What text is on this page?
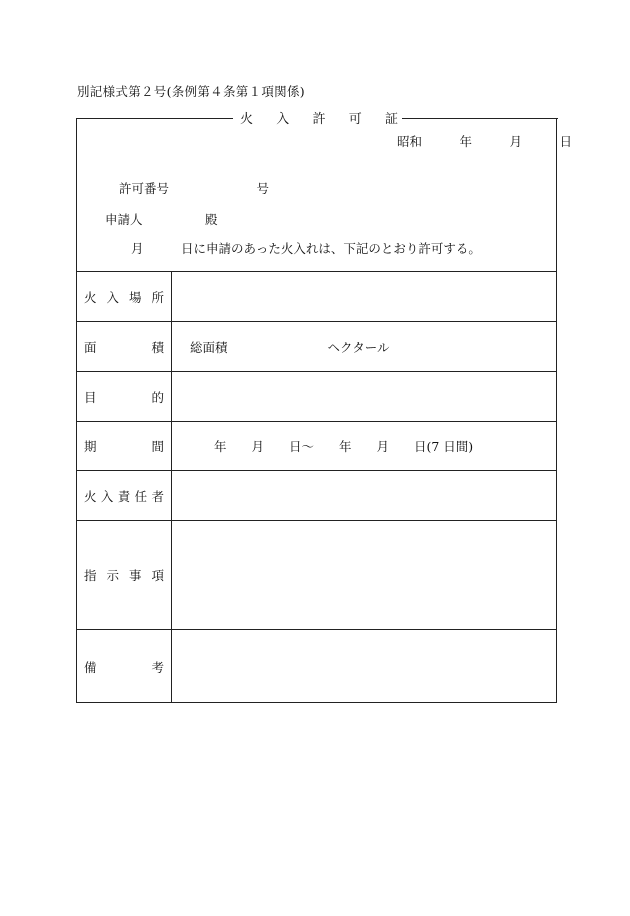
別記様式第２号(条例第４条第１項関係)
火 入 許 可 証
昭和　　　年　　　月　　　日
許可番号　　　　　　　号
申請人　　　　　殿
月　　　日に申請のあった火入れは、下記のとおり許可する。
火 入 場 所
面	積 総面積　　　　　　　　ヘクタール
目	的
期	間	年　　月　　日～　　年　　月　　日(7 日間)
火 入 責 任 者
指 示 事 項
備	考
